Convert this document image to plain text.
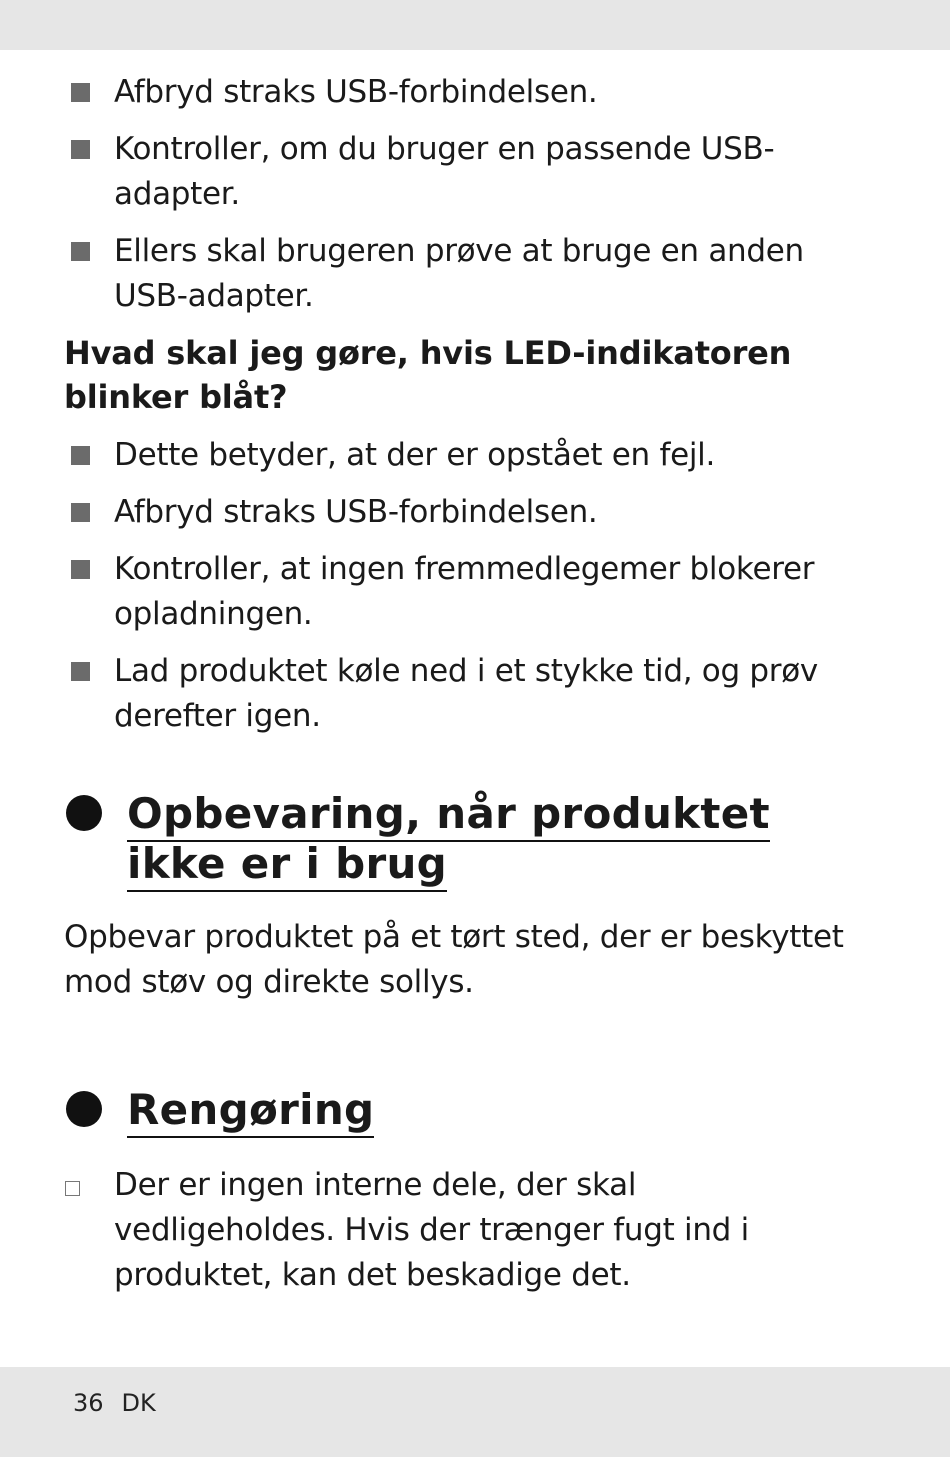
Afbryd straks USB-forbindelsen.
Kontroller, om du bruger en passende USB-adapter.
Ellers skal brugeren prøve at bruge en anden USB-adapter.
Hvad skal jeg gøre, hvis LED-indikatoren blinker blåt?
Dette betyder, at der er opstået en fejl.
Afbryd straks USB-forbindelsen.
Kontroller, at ingen fremmedlegemer blokerer opladningen.
Lad produktet køle ned i et stykke tid, og prøv derefter igen.
Opbevaring, når produktet ikke er i brug

Opbevar produktet på et tørt sted, der er beskyttet mod støv og direkte sollys.

Rengøring
Der er ingen interne dele, der skal vedligeholdes. Hvis der trænger fugt ind i produktet, kan det beskadige det.
36 DK
